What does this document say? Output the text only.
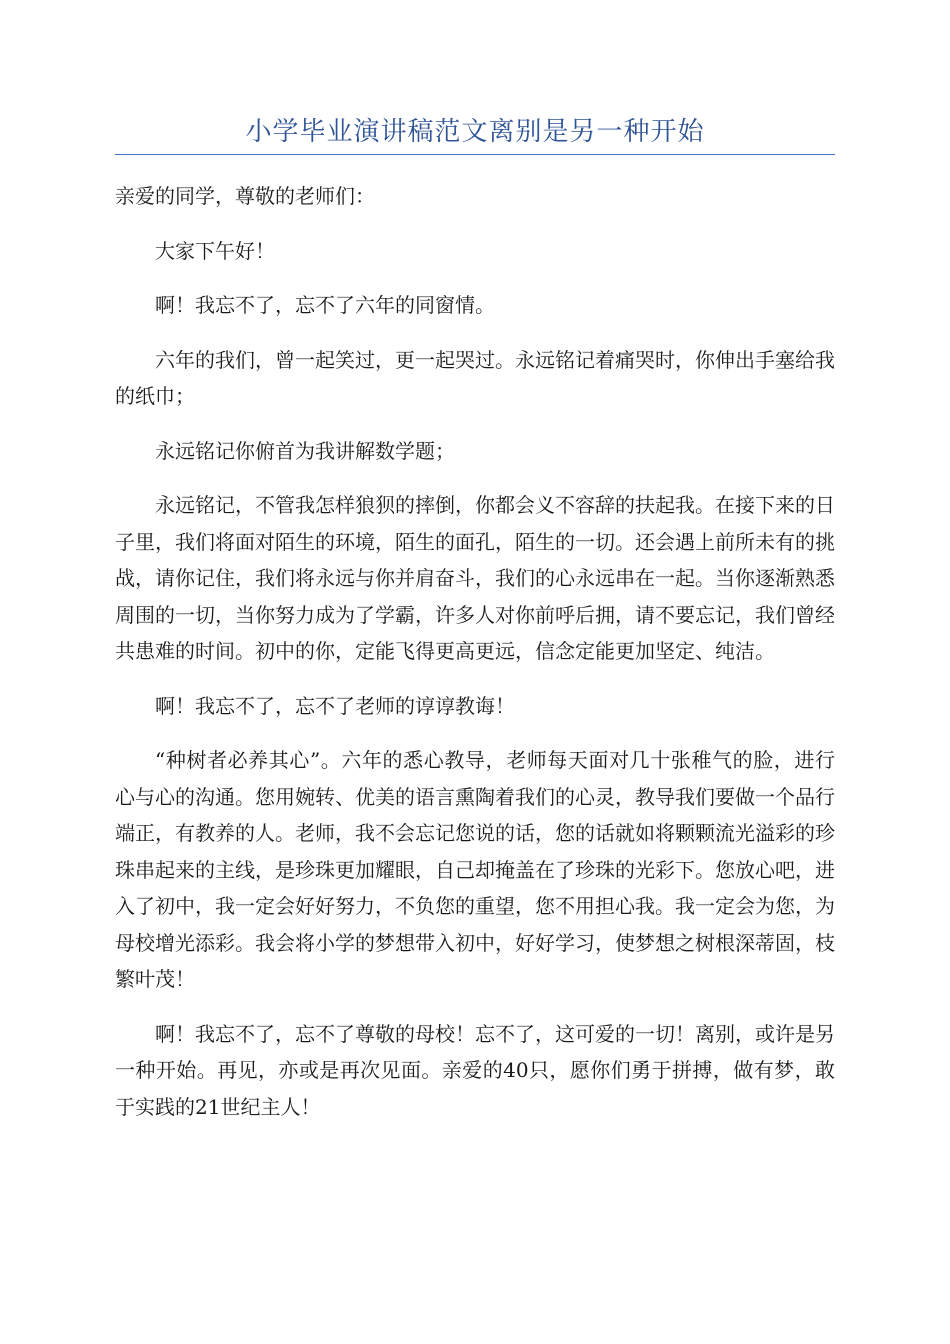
小学毕业演讲稿范文离别是另一种开始

亲爱的同学，尊敬的老师们：

大家下午好！

啊！我忘不了，忘不了六年的同窗情。

六年的我们，曾一起笑过，更一起哭过。永远铭记着痛哭时，你伸出手塞给我的纸巾；

永远铭记你俯首为我讲解数学题；

永远铭记，不管我怎样狼狈的摔倒，你都会义不容辞的扶起我。在接下来的日子里，我们将面对陌生的环境，陌生的面孔，陌生的一切。还会遇上前所未有的挑战，请你记住，我们将永远与你并肩奋斗，我们的心永远串在一起。当你逐渐熟悉周围的一切，当你努力成为了学霸，许多人对你前呼后拥，请不要忘记，我们曾经共患难的时间。初中的你，定能飞得更高更远，信念定能更加坚定、纯洁。

啊！我忘不了，忘不了老师的谆谆教诲！

“种树者必养其心”。六年的悉心教导，老师每天面对几十张稚气的脸，进行心与心的沟通。您用婉转、优美的语言熏陶着我们的心灵，教导我们要做一个品行端正，有教养的人。老师，我不会忘记您说的话，您的话就如将颗颗流光溢彩的珍珠串起来的主线，是珍珠更加耀眼，自己却掩盖在了珍珠的光彩下。您放心吧，进入了初中，我一定会好好努力，不负您的重望，您不用担心我。我一定会为您，为母校增光添彩。我会将小学的梦想带入初中，好好学习，使梦想之树根深蒂固，枝繁叶茂！

啊！我忘不了，忘不了尊敬的母校！忘不了，这可爱的一切！离别，或许是另一种开始。再见，亦或是再次见面。亲爱的40只，愿你们勇于拼搏，做有梦，敢于实践的21世纪主人！
